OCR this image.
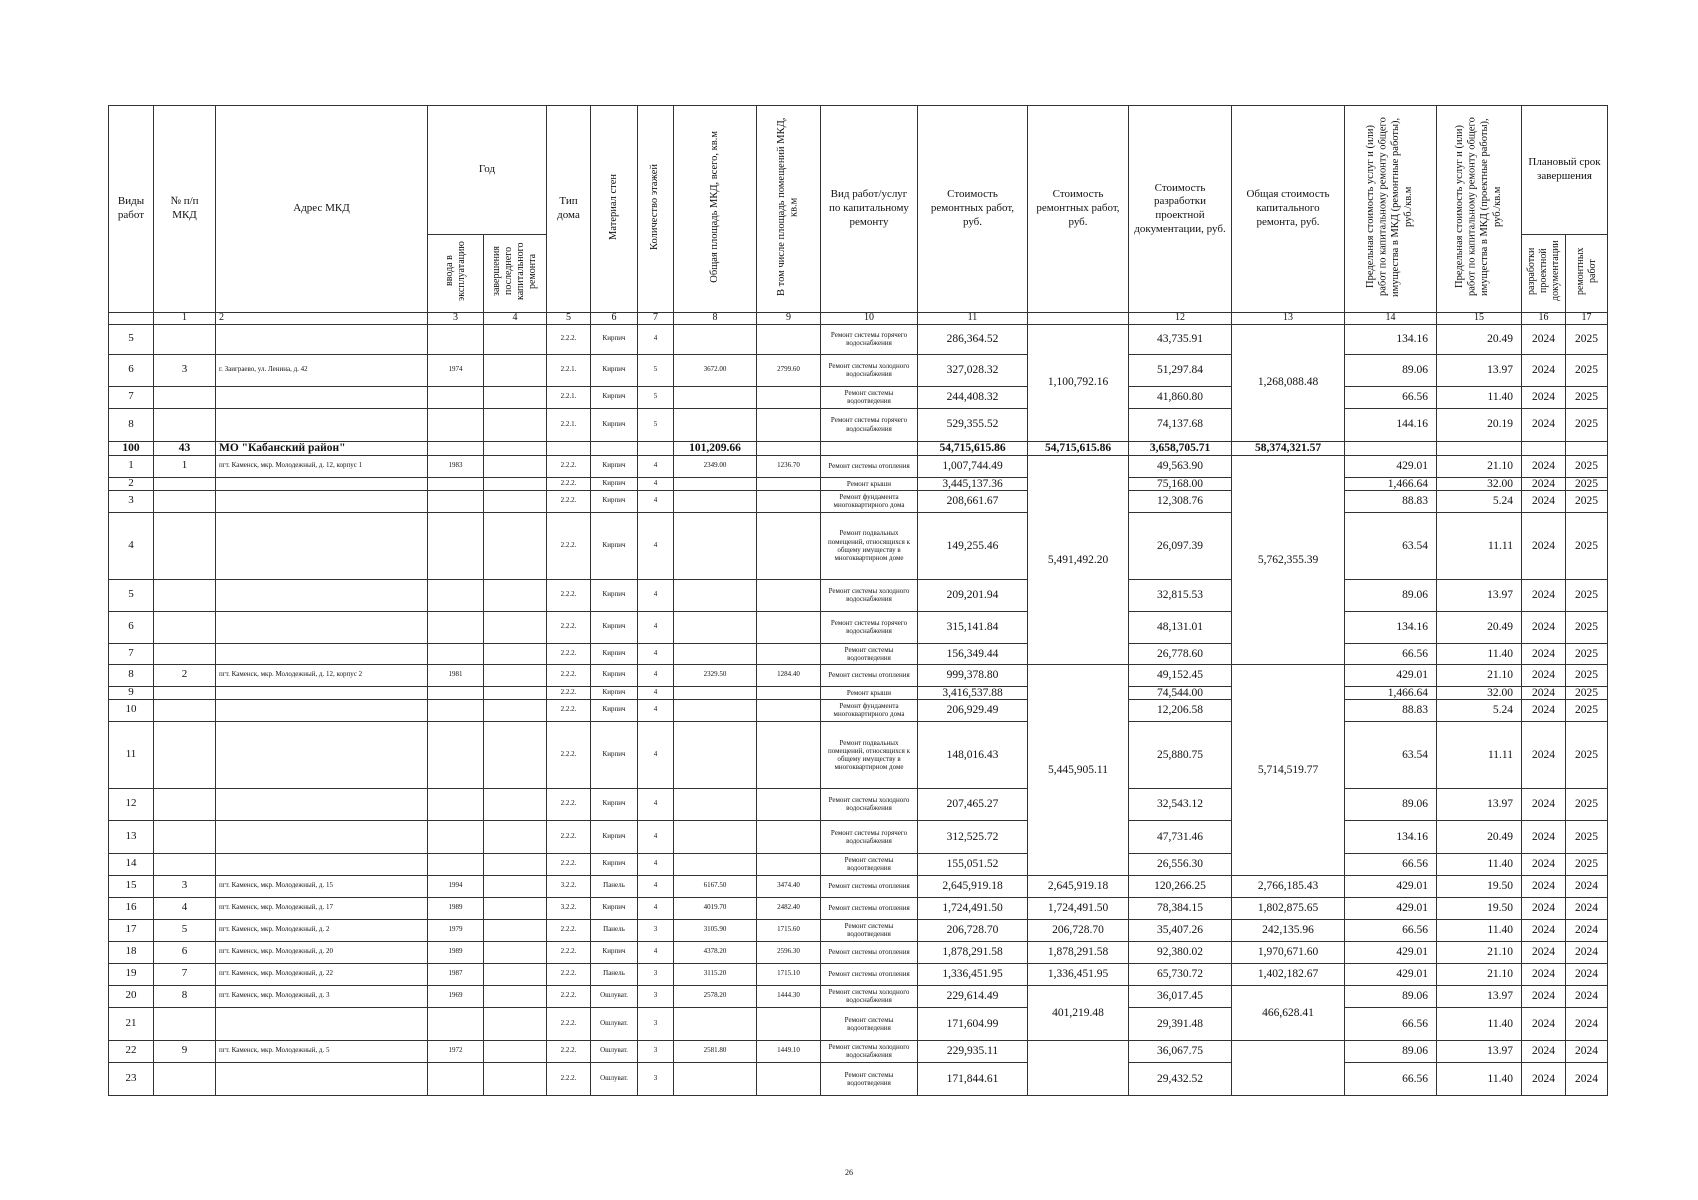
Виды работ	№ п/п МКД	Адрес МКД	Год		Тип дома	Материал стен	Количество этажей	Общая площадь МКД, всего, кв.м	В том числе площадь помещений МКД, кв.м	Вид работ/услуг по капитальному ремонту	Стоимость ремонтных работ, руб.	Стоимость ремонтных работ, руб.	Стоимость разработки проектной документации, руб.	Общая стоимость капитального ремонта, руб.	Предельная стоимость услуг и (или) работ по капитальному ремонту общего имущества в МКД (ремонтные работы), руб./кв.м	Предельная стоимость услуг и (или) работ по капитальному ремонту общего имущества в МКД (проектные работы), руб./кв.м	Плановый срок завершения	
			ввода в эксплуатацию	завершения последнего капитального ремонта													разработки проектной документации	ремонтных работ
	1	2	3	4	5	6	7	8	9	10	11		12	13	14	15	16	17
5					2.2.2.	Кирпич	4			Ремонт системы горячего водоснабжения	286,364.52	1,100,792.16	43,735.91	1,268,088.48	134.16	20.49	2024	2025
6	3	г. Заиграево, ул. Ленина, д. 42	1974		2.2.1.	Кирпич	5	3672.00	2799.60	Ремонт системы холодного водоснабжения	327,028.32		51,297.84		89.06	13.97	2024	2025
7					2.2.1.	Кирпич	5			Ремонт системы водоотведения	244,408.32		41,860.80		66.56	11.40	2024	2025
8					2.2.1.	Кирпич	5			Ремонт системы горячего водоснабжения	529,355.52		74,137.68		144.16	20.19	2024	2025
100	43	МО "Кабанский район"						101,209.66			54,715,615.86	54,715,615.86	3,658,705.71	58,374,321.57				
1	1	пгт. Каменск, мкр. Молодежный, д. 12, корпус 1	1983		2.2.2.	Кирпич	4	2349.00	1236.70	Ремонт системы отопления	1,007,744.49	5,491,492.20	49,563.90	5,762,355.39	429.01	21.10	2024	2025
2					2.2.2.	Кирпич	4			Ремонт крыши	3,445,137.36		75,168.00		1,466.64	32.00	2024	2025
3					2.2.2.	Кирпич	4			Ремонт фундамента многоквартирного дома	208,661.67		12,308.76		88.83	5.24	2024	2025
4					2.2.2.	Кирпич	4			Ремонт подвальных помещений, относящихся к общему имуществу в многоквартирном доме	149,255.46		26,097.39		63.54	11.11	2024	2025
5					2.2.2.	Кирпич	4			Ремонт системы холодного водоснабжения	209,201.94		32,815.53		89.06	13.97	2024	2025
6					2.2.2.	Кирпич	4			Ремонт системы горячего водоснабжения	315,141.84		48,131.01		134.16	20.49	2024	2025
7					2.2.2.	Кирпич	4			Ремонт системы водоотведения	156,349.44		26,778.60		66.56	11.40	2024	2025
8	2	пгт. Каменск, мкр. Молодежный, д. 12, корпус 2	1981		2.2.2.	Кирпич	4	2329.50	1284.40	Ремонт системы отопления	999,378.80	5,445,905.11	49,152.45	5,714,519.77	429.01	21.10	2024	2025
9					2.2.2.	Кирпич	4			Ремонт крыши	3,416,537.88		74,544.00		1,466.64	32.00	2024	2025
10					2.2.2.	Кирпич	4			Ремонт фундамента многоквартирного дома	206,929.49		12,206.58		88.83	5.24	2024	2025
11					2.2.2.	Кирпич	4			Ремонт подвальных помещений, относящихся к общему имуществу в многоквартирном доме	148,016.43		25,880.75		63.54	11.11	2024	2025
12					2.2.2.	Кирпич	4			Ремонт системы холодного водоснабжения	207,465.27		32,543.12		89.06	13.97	2024	2025
13					2.2.2.	Кирпич	4			Ремонт системы горячего водоснабжения	312,525.72		47,731.46		134.16	20.49	2024	2025
14					2.2.2.	Кирпич	4			Ремонт системы водоотведения	155,051.52		26,556.30		66.56	11.40	2024	2025
15	3	пгт. Каменск, мкр. Молодежный, д. 15	1994		3.2.2.	Панель	4	6167.50	3474.40	Ремонт системы отопления	2,645,919.18	2,645,919.18	120,266.25	2,766,185.43	429.01	19.50	2024	2024
16	4	пгт. Каменск, мкр. Молодежный, д. 17	1989		3.2.2.	Кирпич	4	4019.70	2482.40	Ремонт системы отопления	1,724,491.50	1,724,491.50	78,384.15	1,802,875.65	429.01	19.50	2024	2024
17	5	пгт. Каменск, мкр. Молодежный, д. 2	1979		2.2.2.	Панель	3	3105.90	1715.60	Ремонт системы водоотведения	206,728.70	206,728.70	35,407.26	242,135.96	66.56	11.40	2024	2024
18	6	пгт. Каменск, мкр. Молодежный, д. 20	1989		2.2.2.	Кирпич	4	4378.20	2596.30	Ремонт системы отопления	1,878,291.58	1,878,291.58	92,380.02	1,970,671.60	429.01	21.10	2024	2024
19	7	пгт. Каменск, мкр. Молодежный, д. 22	1987		2.2.2.	Панель	3	3115.20	1715.10	Ремонт системы отопления	1,336,451.95	1,336,451.95	65,730.72	1,402,182.67	429.01	21.10	2024	2024
20	8	пгт. Каменск, мкр. Молодежный, д. 3	1969		2.2.2.	Ошлуват.	3	2578.20	1444.30	Ремонт системы холодного водоснабжения	229,614.49	401,219.48	36,017.45	466,628.41	89.06	13.97	2024	2024
21					2.2.2.	Ошлуват.	3			Ремонт системы водоотведения	171,604.99		29,391.48		66.56	11.40	2024	2024
22	9	пгт. Каменск, мкр. Молодежный, д. 5	1972		2.2.2.	Ошлуват.	3	2581.80	1449.10	Ремонт системы холодного водоснабжения	229,935.11		36,067.75		89.06	13.97	2024	2024
23					2.2.2.	Ошлуват.	3			Ремонт системы водоотведения	171,844.61		29,432.52		66.56	11.40	2024	2024
26
